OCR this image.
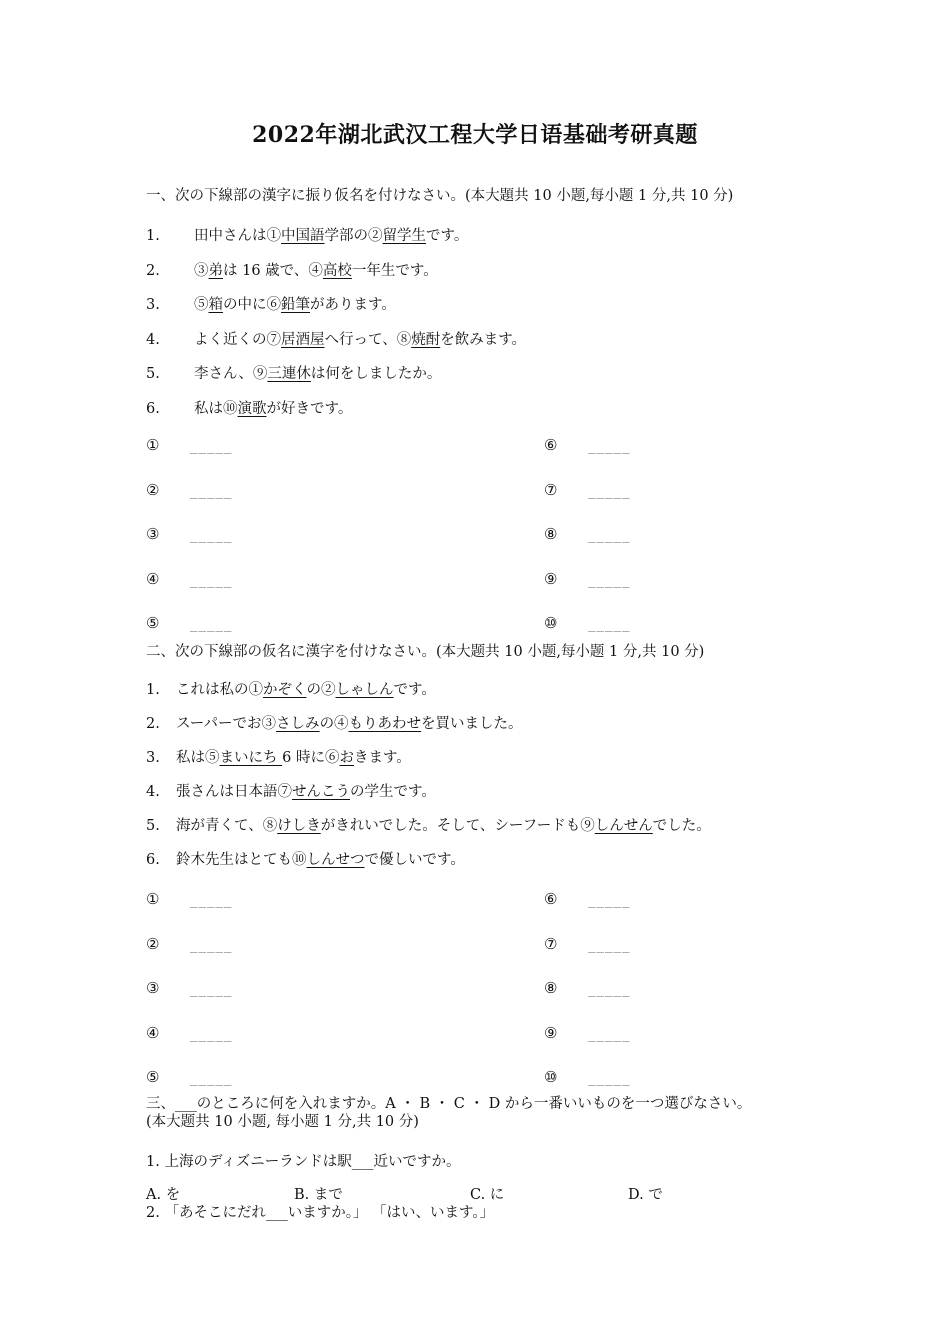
2022年湖北武汉工程大学日语基础考研真题
一、次の下線部の漢字に振り仮名を付けなさい。(本大題共 10 小题,每小题 1 分,共 10 分)
1. 田中さんは①中国語学部の②留学生です。
2. ③弟は 16 歳で、④高校一年生です。
3. ⑤箱の中に⑥鉛筆があります。
4. よく近くの⑦居酒屋へ行って、⑧焼酎を飲みます。
5. 李さん、⑨三連休は何をしましたか。
6. 私は⑩演歌が好きです。
① _____	⑥ _____
② _____	⑦ _____
③ _____	⑧ _____
④ _____	⑨ _____
⑤ _____	⑩ _____
二、次の下線部の仮名に漢字を付けなさい。(本大题共 10 小题,每小题 1 分,共 10 分)
1. これは私の①かぞくの②しゃしんです。
2. スーパーでお③さしみの④もりあわせを買いました。
3. 私は⑤まいにち 6 時に⑥おきます。
4. 張さんは日本語⑦せんこうの学生です。
5. 海が青くて、⑧けしきがきれいでした。そして、シーフードも⑨しんせんでした。
6. 鈴木先生はとても⑩しんせつで優しいです。
① _____	⑥ _____
② _____	⑦ _____
③ _____	⑧ _____
④ _____	⑨ _____
⑤ _____	⑩ _____
三、___のところに何を入れますか。A ・ B ・ C ・ D から一番いいものを一つ選びなさい。
(本大题共 10 小题, 每小题 1 分,共 10 分)
1. 上海のディズニーランドは駅___近いですか。
A. を	B. まで	C. に	D. で
2. 「あそこにだれ___いますか。」 「はい、います。」
